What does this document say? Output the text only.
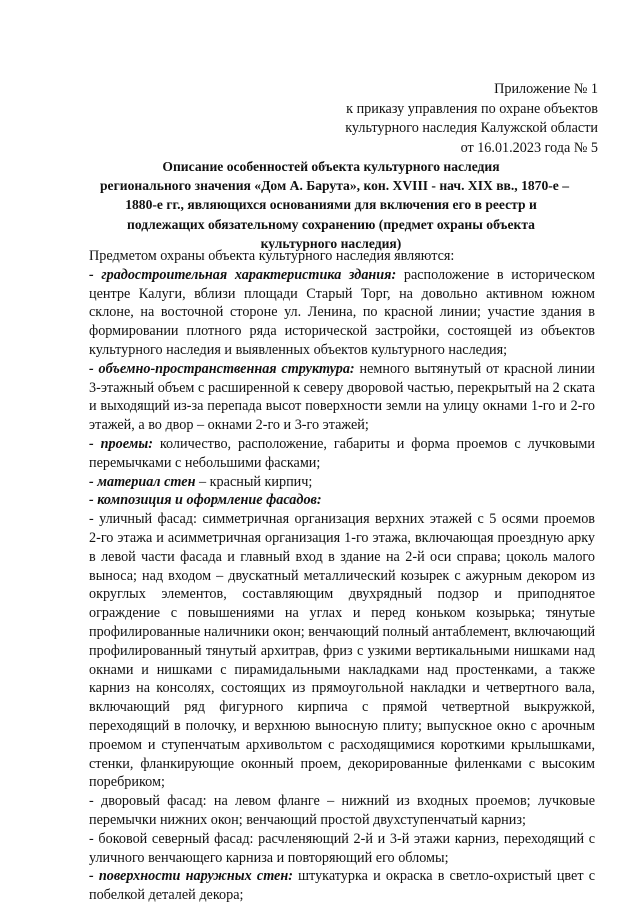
Приложение № 1
к приказу управления по охране объектов
культурного наследия Калужской области
от 16.01.2023 года № 5
Описание особенностей объекта культурного наследия
регионального значения «Дом А. Барута», кон. XVIII - нач. XIX вв., 1870-е –
1880-е гг., являющихся основаниями для включения его в реестр и
подлежащих обязательному сохранению (предмет охраны объекта
культурного наследия)

Предметом охраны объекта культурного наследия являются:

- градостроительная характеристика здания: расположение в историческом
центре Калуги, вблизи площади Старый Торг, на довольно активном южном
склоне, на восточной стороне ул. Ленина, по красной линии; участие здания в
формировании плотного ряда исторической застройки, состоящей из объектов
культурного наследия и выявленных объектов культурного наследия;

- объемно-пространственная структура: немного вытянутый от красной линии
3-этажный объем с расширенной к северу дворовой частью, перекрытый на 2 ската
и выходящий из-за перепада высот поверхности земли на улицу окнами 1-го и 2-го
этажей, а во двор – окнами 2-го и 3-го этажей;

- проемы: количество, расположение, габариты и форма проемов с лучковыми
перемычками с небольшими фасками;

- материал стен – красный кирпич;

- композиция и оформление фасадов:

- уличный фасад: симметричная организация верхних этажей с 5 осями проемов
2-го этажа и асимметричная организация 1-го этажа, включающая проездную арку
в левой части фасада и главный вход в здание на 2-й оси справа; цоколь малого
выноса; над входом – двускатный металлический козырек с ажурным декором из
округлых элементов, составляющим двухрядный подзор и приподнятое
ограждение с повышениями на углах и перед коньком козырька; тянутые
профилированные наличники окон; венчающий полный антаблемент, включающий
профилированный тянутый архитрав, фриз с узкими вертикальными нишками над
окнами и нишками с пирамидальными накладками над простенками, а также
карниз на консолях, состоящих из прямоугольной накладки и четвертного вала,
включающий ряд фигурного кирпича с прямой четвертной выкружкой,
переходящий в полочку, и верхнюю выносную плиту; выпускное окно с арочным
проемом и ступенчатым архивольтом с расходящимися короткими крылышками,
стенки, фланкирующие оконный проем, декорированные филенками с высоким
поребриком;

- дворовый фасад: на левом фланге – нижний из входных проемов; лучковые
перемычки нижних окон; венчающий простой двухступенчатый карниз;

- боковой северный фасад: расчленяющий 2-й и 3-й этажи карниз, переходящий с
уличного венчающего карниза и повторяющий его обломы;

- поверхности наружных стен: штукатурка и окраска в светло-охристый цвет с
побелкой деталей декора;
